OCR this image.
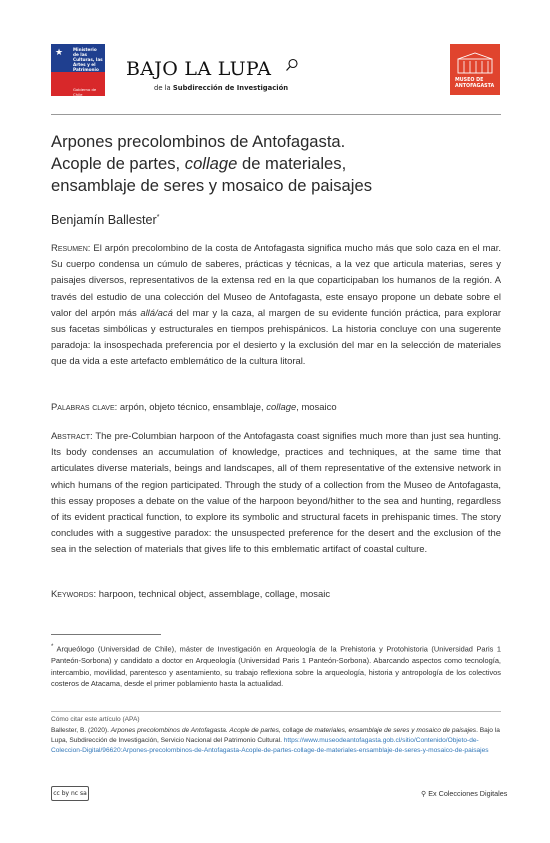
★ Ministerio de las Culturas, las Artes y el Patrimonio
Gobierno de Chile
BAJO LA LUPA
de la Subdirección de Investigación
MUSEO DE
ANTOFAGASTA
Arpones precolombinos de Antofagasta.
Acople de partes, collage de materiales,
ensamblaje de seres y mosaico de paisajes
Benjamín Ballester*
Resumen: El arpón precolombino de la costa de Antofagasta significa mucho más que solo caza en el mar. Su cuerpo condensa un cúmulo de saberes, prácticas y técnicas, a la vez que articula materias, seres y paisajes diversos, representativos de la extensa red en la que coparticipaban los humanos de la región. A través del estudio de una colección del Museo de Antofagasta, este ensayo propone un debate sobre el valor del arpón más allá/acá del mar y la caza, al margen de su evidente función práctica, para explorar sus facetas simbólicas y estructurales en tiempos prehispánicos. La historia concluye con una sugerente paradoja: la insospechada preferencia por el desierto y la exclusión del mar en la selección de materiales que da vida a este artefacto emblemático de la cultura litoral.
Palabras clave: arpón, objeto técnico, ensamblaje, collage, mosaico
Abstract: The pre-Columbian harpoon of the Antofagasta coast signifies much more than just sea hunting. Its body condenses an accumulation of knowledge, practices and techniques, at the same time that articulates diverse materials, beings and landscapes, all of them representative of the extensive network in which humans of the region participated. Through the study of a collection from the Museo de Antofagasta, this essay proposes a debate on the value of the harpoon beyond/hither to the sea and hunting, regardless of its evident practical function, to explore its symbolic and structural facets in prehispanic times. The story concludes with a suggestive paradox: the unsuspected preference for the desert and the exclusion of the sea in the selection of materials that gives life to this emblematic artifact of coastal culture.
Keywords: harpoon, technical object, assemblage, collage, mosaic
* Arqueólogo (Universidad de Chile), máster de Investigación en Arqueología de la Prehistoria y Protohistoria (Universidad Paris 1 Panteón-Sorbona) y candidato a doctor en Arqueología (Universidad Paris 1 Panteón-Sorbona). Abarcando aspectos como tecnología, intercambio, movilidad, parentesco y asentamiento, su trabajo reflexiona sobre la arqueología, historia y antropología de los colectivos costeros de Atacama, desde el primer poblamiento hasta la actualidad.
Cómo citar este artículo (APA)
Ballester, B. (2020). Arpones precolombinos de Antofagasta. Acople de partes, collage de materiales, ensamblaje de seres y mosaico de paisajes. Bajo la Lupa, Subdirección de Investigación, Servicio Nacional del Patrimonio Cultural. https://www.museodeantofagasta.gob.cl/sitio/Contenido/Objeto-de-Coleccion-Digital/96620:Arpones-precolombinos-de-Antofagasta-Acople-de-partes-collage-de-materiales-ensamblaje-de-seres-y-mosaico-de-paisajes
cc by nc sa	⚲ Ex Colecciones Digitales
